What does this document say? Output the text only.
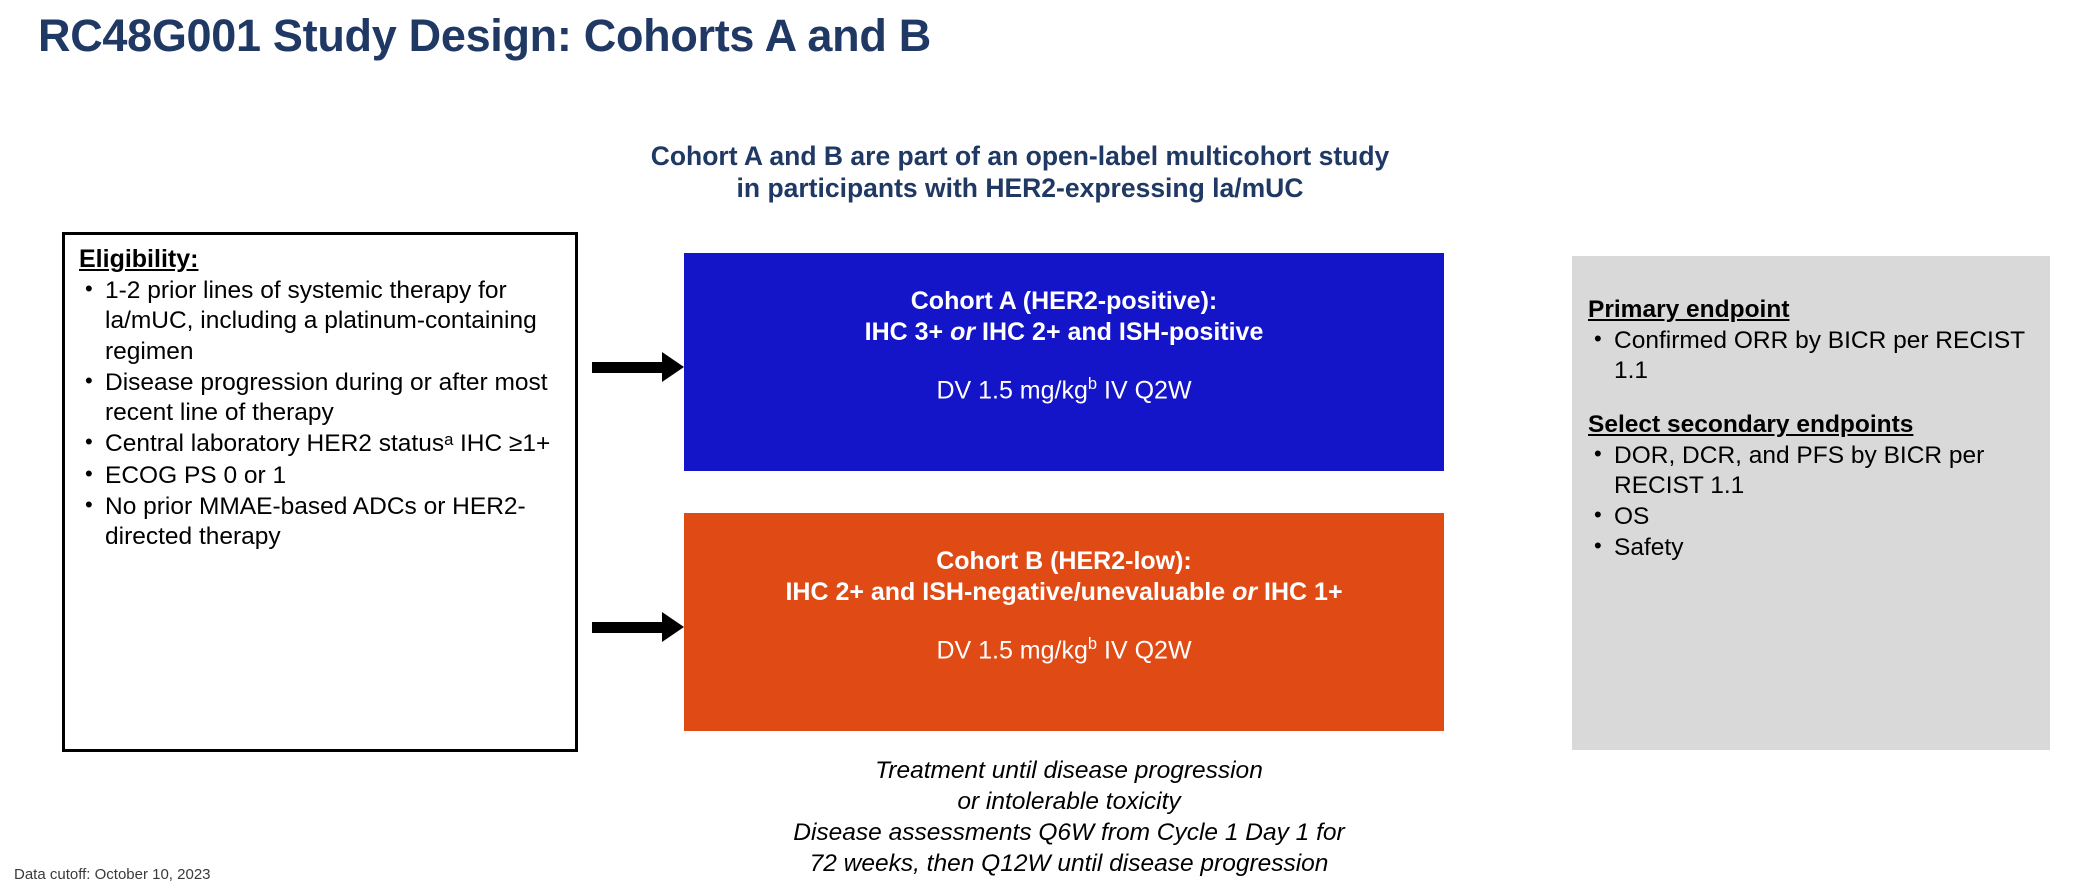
RC48G001 Study Design: Cohorts A and B
Cohort A and B are part of an open-label multicohort study
in participants with HER2-expressing la/mUC
Eligibility:
• 1-2 prior lines of systemic therapy for la/mUC, including a platinum-containing regimen
• Disease progression during or after most recent line of therapy
• Central laboratory HER2 statusᵃ IHC ≥1+
• ECOG PS 0 or 1
• No prior MMAE-based ADCs or HER2-directed therapy
Cohort A (HER2-positive):
IHC 3+ or IHC 2+ and ISH-positive
DV 1.5 mg/kg$^b$ IV Q2W
Cohort B (HER2-low):
IHC 2+ and ISH-negative/unevaluable or IHC 1+
DV 1.5 mg/kg$^b$ IV Q2W
Treatment until disease progression
or intolerable toxicity
Disease assessments Q6W from Cycle 1 Day 1 for
72 weeks, then Q12W until disease progression
Primary endpoint
• Confirmed ORR by BICR per RECIST 1.1
Select secondary endpoints
• DOR, DCR, and PFS by BICR per RECIST 1.1
• OS
• Safety
Data cutoff: October 10, 2023
